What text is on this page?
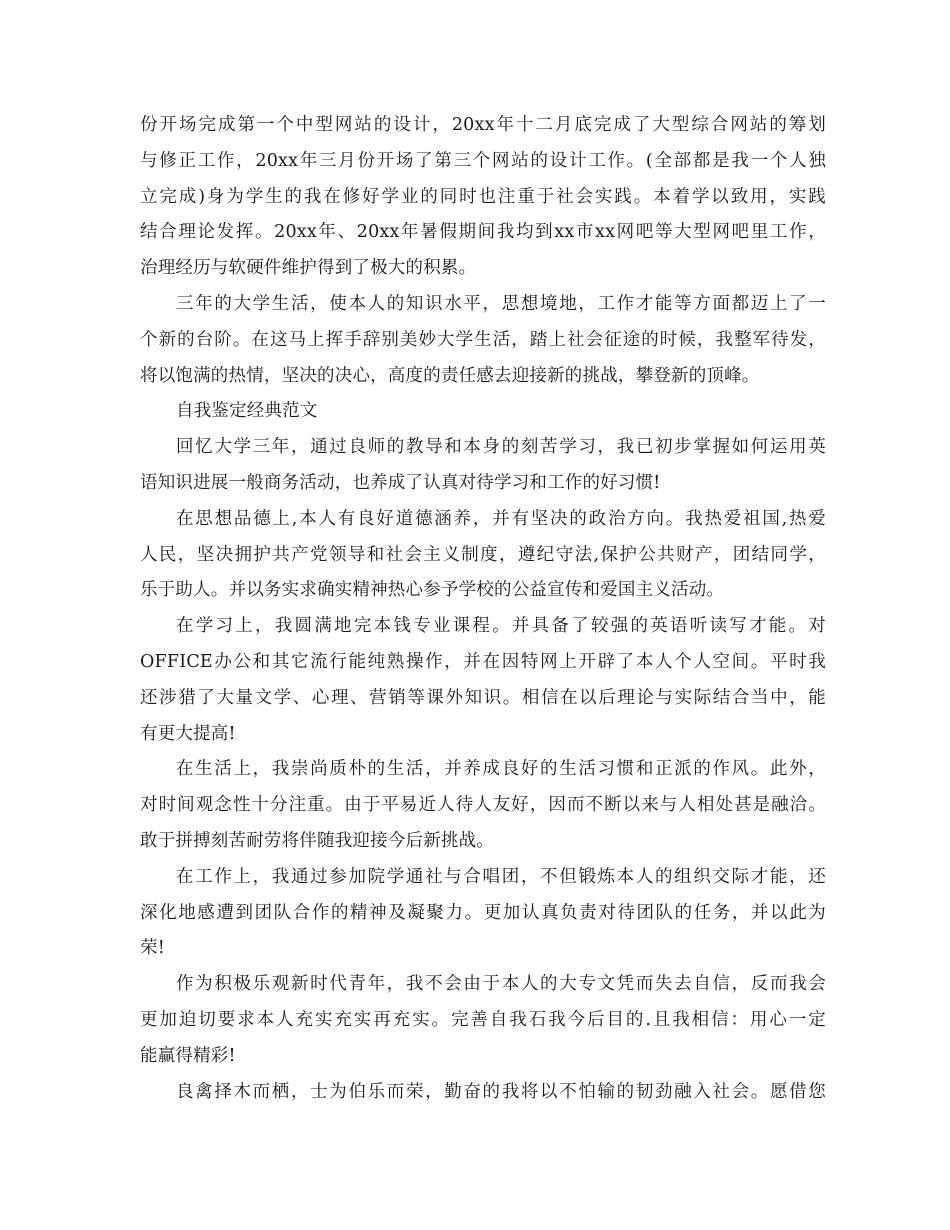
份开场完成第一个中型网站的设计，20xx年十二月底完成了大型综合网站的筹划
与修正工作，20xx年三月份开场了第三个网站的设计工作。(全部都是我一个人独
立完成)身为学生的我在修好学业的同时也注重于社会实践。本着学以致用，实践
结合理论发挥。20xx年、20xx年暑假期间我均到xx市xx网吧等大型网吧里工作，
治理经历与软硬件维护得到了极大的积累。
三年的大学生活，使本人的知识水平，思想境地，工作才能等方面都迈上了一
个新的台阶。在这马上挥手辞别美妙大学生活，踏上社会征途的时候，我整军待发，
将以饱满的热情，坚决的决心，高度的责任感去迎接新的挑战，攀登新的顶峰。
自我鉴定经典范文
回忆大学三年，通过良师的教导和本身的刻苦学习，我已初步掌握如何运用英
语知识进展一般商务活动，也养成了认真对待学习和工作的好习惯!
在思想品德上,本人有良好道德涵养，并有坚决的政治方向。我热爱祖国,热爱
人民，坚决拥护共产党领导和社会主义制度，遵纪守法,保护公共财产，团结同学，
乐于助人。并以务实求确实精神热心参予学校的公益宣传和爱国主义活动。
在学习上，我圆满地完本钱专业课程。并具备了较强的英语听读写才能。对
OFFICE办公和其它流行能纯熟操作，并在因特网上开辟了本人个人空间。平时我
还涉猎了大量文学、心理、营销等课外知识。相信在以后理论与实际结合当中，能
有更大提高!
在生活上，我崇尚质朴的生活，并养成良好的生活习惯和正派的作风。此外，
对时间观念性十分注重。由于平易近人待人友好，因而不断以来与人相处甚是融洽。
敢于拼搏刻苦耐劳将伴随我迎接今后新挑战。
在工作上，我通过参加院学通社与合唱团，不但锻炼本人的组织交际才能，还
深化地感遭到团队合作的精神及凝聚力。更加认真负责对待团队的任务，并以此为
荣!
作为积极乐观新时代青年，我不会由于本人的大专文凭而失去自信，反而我会
更加迫切要求本人充实充实再充实。完善自我石我今后目的.且我相信：用心一定
能赢得精彩!
良禽择木而栖，士为伯乐而荣，勤奋的我将以不怕输的韧劲融入社会。愿借您
